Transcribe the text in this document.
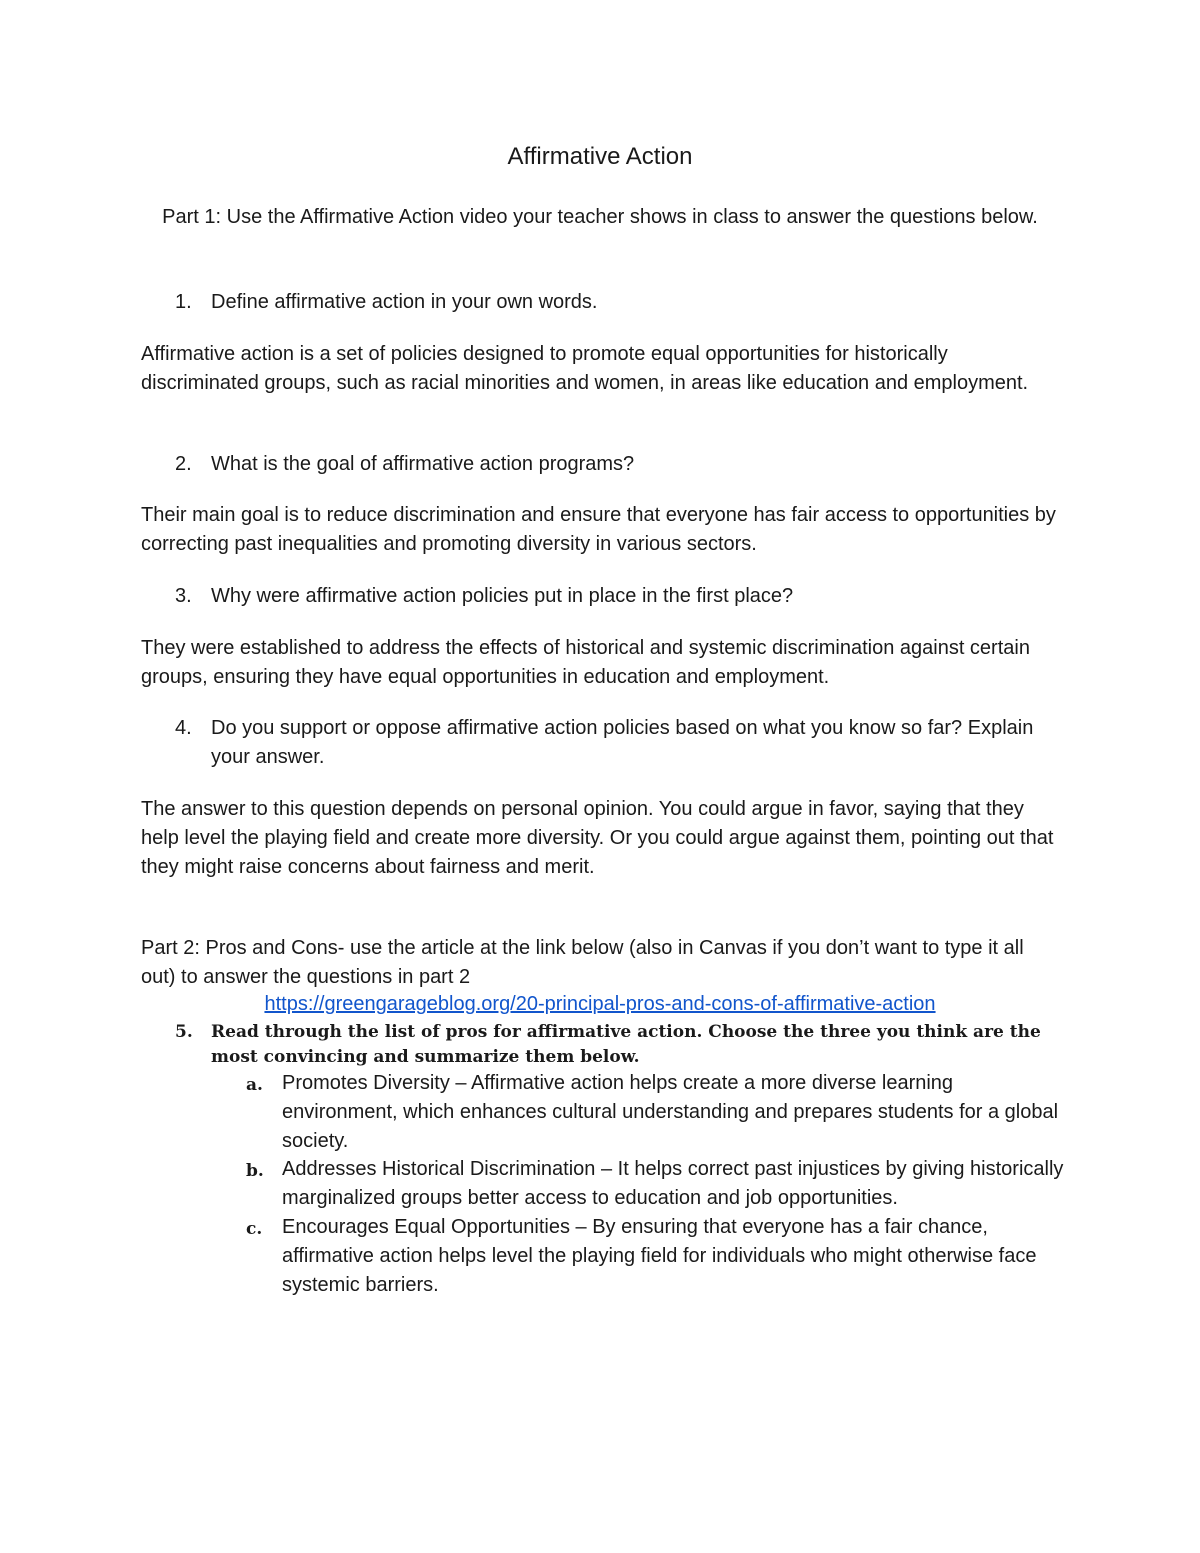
Affirmative Action
Part 1: Use the Affirmative Action video your teacher shows in class to answer the questions below.
1. Define affirmative action in your own words.
Affirmative action is a set of policies designed to promote equal opportunities for historically discriminated groups, such as racial minorities and women, in areas like education and employment.
2. What is the goal of affirmative action programs?
Their main goal is to reduce discrimination and ensure that everyone has fair access to opportunities by correcting past inequalities and promoting diversity in various sectors.
3. Why were affirmative action policies put in place in the first place?
They were established to address the effects of historical and systemic discrimination against certain groups, ensuring they have equal opportunities in education and employment.
4. Do you support or oppose affirmative action policies based on what you know so far? Explain your answer.
The answer to this question depends on personal opinion. You could argue in favor, saying that they help level the playing field and create more diversity. Or you could argue against them, pointing out that they might raise concerns about fairness and merit.
Part 2: Pros and Cons- use the article at the link below (also in Canvas if you don’t want to type it all out) to answer the questions in part 2
https://greengarageblog.org/20-principal-pros-and-cons-of-affirmative-action
5. Read through the list of pros for affirmative action. Choose the three you think are the most convincing and summarize them below.
a. Promotes Diversity – Affirmative action helps create a more diverse learning environment, which enhances cultural understanding and prepares students for a global society.
b. Addresses Historical Discrimination – It helps correct past injustices by giving historically marginalized groups better access to education and job opportunities.
c. Encourages Equal Opportunities – By ensuring that everyone has a fair chance, affirmative action helps level the playing field for individuals who might otherwise face systemic barriers.
